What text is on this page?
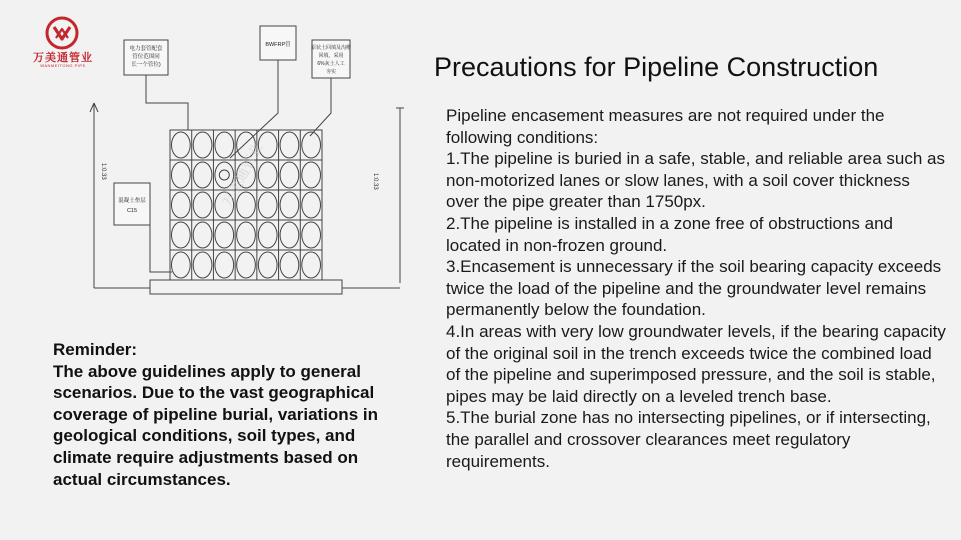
万美通管业
WANMEITONG PIPE
电力套管配套
管位范围同
长一个管位)
BWFRP管	原状土回填及沟槽
回填，采用
6%灰土人工
夯实
混凝土垫层
C15
1:0.33
1:0.33
万美通管业
Precautions for Pipeline Construction

Pipeline encasement measures are not required under the following conditions:

1.The pipeline is buried in a safe, stable, and reliable area such as non-motorized lanes or slow lanes, with a soil cover thickness over the pipe greater than 1750px.

2.The pipeline is installed in a zone free of obstructions and located in non-frozen ground.

3.Encasement is unnecessary if the soil bearing capacity exceeds twice the load of the pipeline and the groundwater level remains permanently below the foundation.

4.In areas with very low groundwater levels, if the bearing capacity of the original soil in the trench exceeds twice the combined load of the pipeline and superimposed pressure, and the soil is stable, pipes may be laid directly on a leveled trench base.

5.The burial zone has no intersecting pipelines, or if intersecting, the parallel and crossover clearances meet regulatory requirements.

Reminder:

The above guidelines apply to general scenarios. Due to the vast geographical coverage of pipeline burial, variations in geological conditions, soil types, and climate require adjustments based on actual circumstances.
